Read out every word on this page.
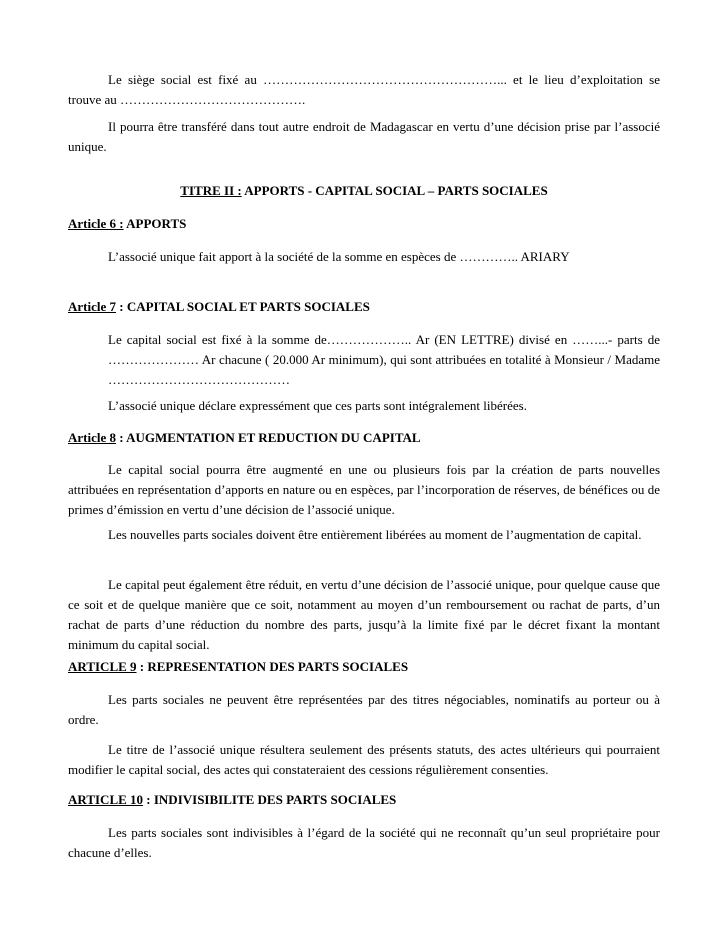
Le siège social est fixé au ………………………………………………... et le lieu d’exploitation se trouve au …………………………………….

Il pourra être transféré dans tout autre endroit de Madagascar en vertu d’une décision prise par l’associé unique.

TITRE II : APPORTS - CAPITAL SOCIAL – PARTS SOCIALES
Article 6 : APPORTS

L’associé unique fait apport à la société de la somme en espèces de ………….. ARIARY

Article 7 : CAPITAL SOCIAL ET PARTS SOCIALES

Le capital social est fixé à la somme de……………….. Ar (EN LETTRE) divisé en ……...- parts de ………………… Ar chacune ( 20.000 Ar minimum), qui sont attribuées en totalité à Monsieur / Madame ……………………………………

L’associé unique déclare expressément que ces parts sont intégralement libérées.

Article 8 : AUGMENTATION ET REDUCTION DU CAPITAL

Le capital social pourra être augmenté en une ou plusieurs fois par la création de parts nouvelles attribuées en représentation d’apports en nature ou en espèces, par l’incorporation de réserves, de bénéfices ou de primes d’émission en vertu d’une décision de l’associé unique.

Les nouvelles parts sociales doivent être entièrement libérées au moment de l’augmentation de capital.

Le capital peut également être réduit, en vertu d’une décision de l’associé unique, pour quelque cause que ce soit et de quelque manière que ce soit, notamment au moyen d’un remboursement ou rachat de parts, d’un rachat de parts d’une réduction du nombre des parts, jusqu’à la limite fixé par le décret fixant la montant minimum du capital social.

ARTICLE 9 : REPRESENTATION DES PARTS SOCIALES

Les parts sociales ne peuvent être représentées par des titres négociables, nominatifs au porteur ou à ordre.

Le titre de l’associé unique résultera seulement des présents statuts, des actes ultérieurs qui pourraient modifier le capital social, des actes qui constateraient des cessions régulièrement consenties.

ARTICLE 10 : INDIVISIBILITE DES PARTS SOCIALES

Les parts sociales sont indivisibles à l’égard de la société qui ne reconnaît qu’un seul propriétaire pour chacune d’elles.
